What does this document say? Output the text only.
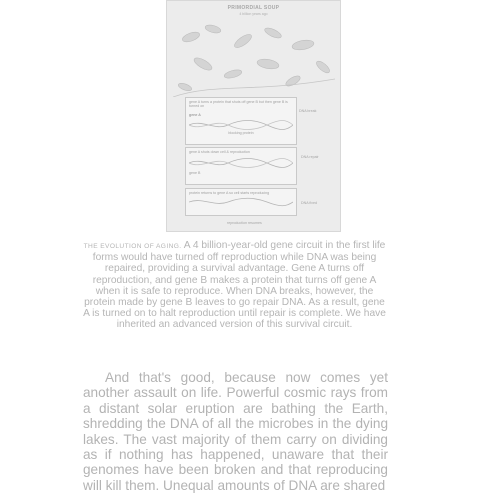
PRIMORDIAL SOUP
4 billion years ago
gene A turns a protein that shuts off gene B but then gene B is turned on
gene A
blocking protein
DNA break
gene A shuts down cell & reproduction
gene B
DNA repair
protein returns to gene A so cell starts reproducing
DNA fixed
reproduction resumes
THE EVOLUTION OF AGING. A 4 billion-year-old gene circuit in the first life forms would have turned off reproduction while DNA was being repaired, providing a survival advantage. Gene A turns off reproduction, and gene B makes a protein that turns off gene A when it is safe to reproduce. When DNA breaks, however, the protein made by gene B leaves to go repair DNA. As a result, gene A is turned on to halt reproduction until repair is complete. We have inherited an advanced version of this survival circuit.
And that's good, because now comes yet another assault on life. Powerful cosmic rays from a distant solar eruption are bathing the Earth, shredding the DNA of all the microbes in the dying lakes. The vast majority of them carry on dividing as if nothing has happened, unaware that their genomes have been broken and that reproducing will kill them. Unequal amounts of DNA are shared
